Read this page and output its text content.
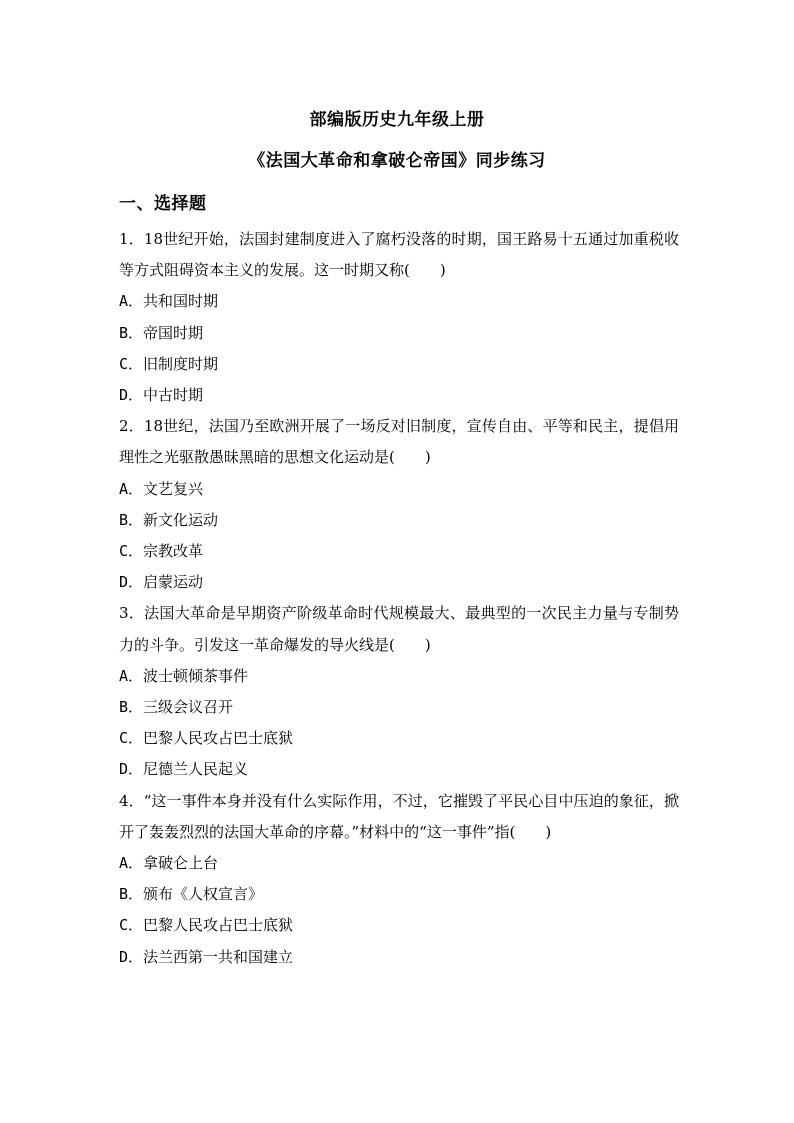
部编版历史九年级上册
《法国大革命和拿破仑帝国》同步练习
一、选择题
1．18世纪开始，法国封建制度进入了腐朽没落的时期，国王路易十五通过加重税收等方式阻碍资本主义的发展。这一时期又称(　　)
A．共和国时期
B．帝国时期
C．旧制度时期
D．中古时期
2．18世纪，法国乃至欧洲开展了一场反对旧制度，宣传自由、平等和民主，提倡用理性之光驱散愚昧黑暗的思想文化运动是(　　)
A．文艺复兴
B．新文化运动
C．宗教改革
D．启蒙运动
3．法国大革命是早期资产阶级革命时代规模最大、最典型的一次民主力量与专制势力的斗争。引发这一革命爆发的导火线是(　　)
A．波士顿倾茶事件
B．三级会议召开
C．巴黎人民攻占巴士底狱
D．尼德兰人民起义
4．“这一事件本身并没有什么实际作用，不过，它摧毁了平民心目中压迫的象征，掀开了轰轰烈烈的法国大革命的序幕。”材料中的“这一事件”指(　　)
A．拿破仑上台
B．颁布《人权宣言》
C．巴黎人民攻占巴士底狱
D．法兰西第一共和国建立
